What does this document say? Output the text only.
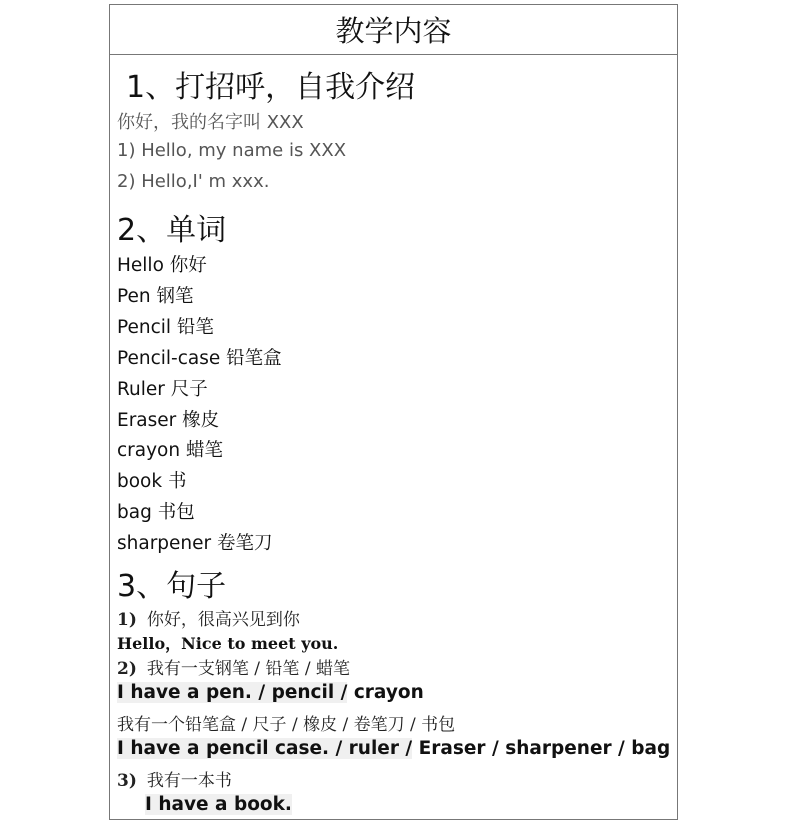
教学内容
1、打招呼，自我介绍
你好，我的名字叫 XXX
1) Hello, my name is XXX
2) Hello,I' m xxx.
2、单词
Hello 你好
Pen 钢笔
Pencil 铅笔
Pencil-case 铅笔盒
Ruler 尺子
Eraser 橡皮
crayon 蜡笔
book 书
bag 书包
sharpener 卷笔刀
3、句子
1) 你好，很高兴见到你
Hello，Nice to meet you.
2) 我有一支钢笔 / 铅笔 / 蜡笔
I have a pen. / pencil / crayon
我有一个铅笔盒 / 尺子 / 橡皮 / 卷笔刀 / 书包
I have a pencil case. / ruler / Eraser / sharpener / bag
3) 我有一本书
I have a book.
